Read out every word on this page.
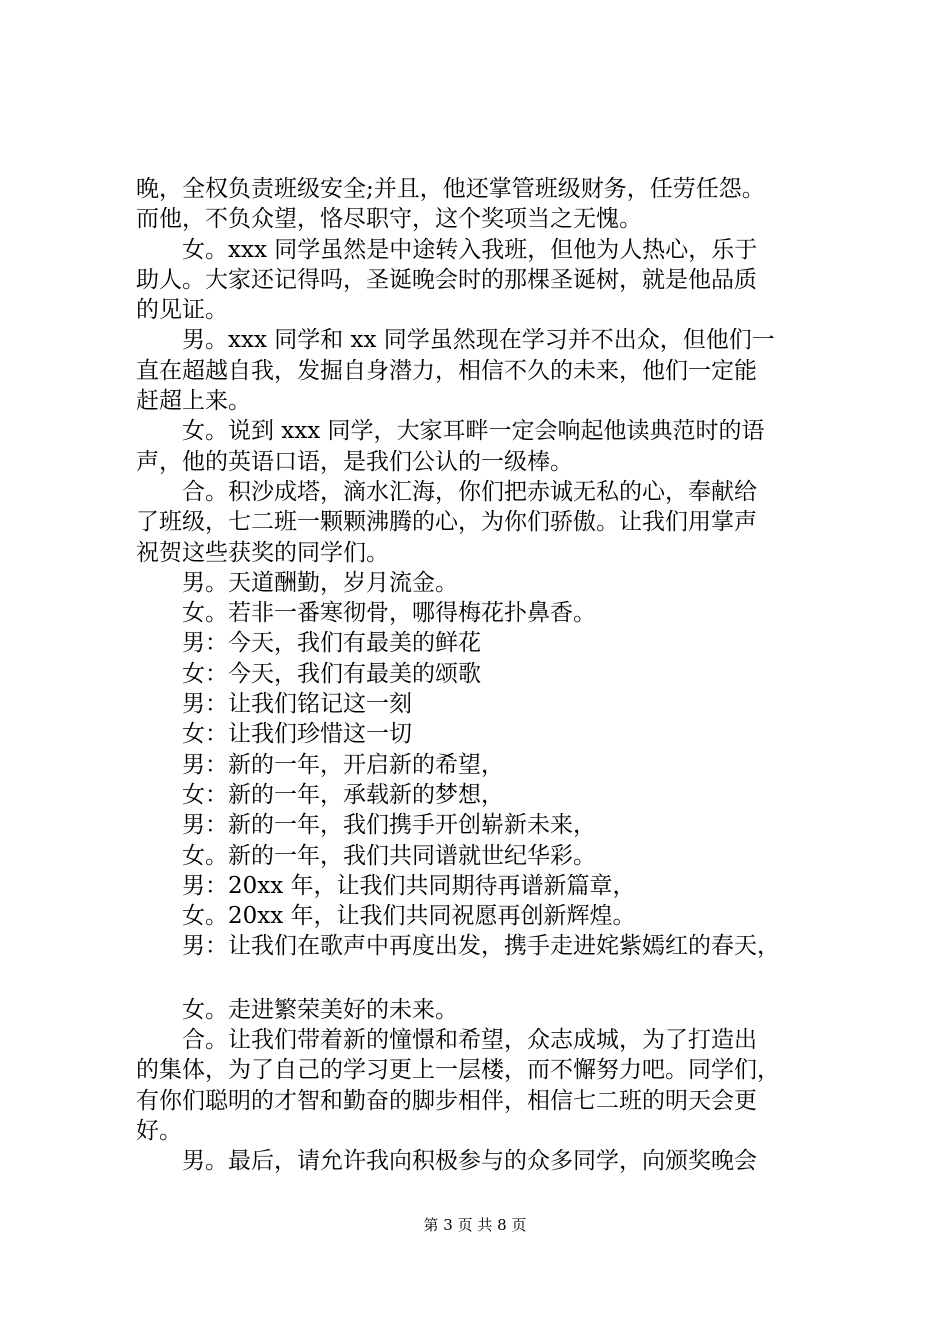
晚，全权负责班级安全;并且，他还掌管班级财务，任劳任怨。
而他，不负众望，恪尽职守，这个奖项当之无愧。
女。xxx 同学虽然是中途转入我班，但他为人热心，乐于
助人。大家还记得吗，圣诞晚会时的那棵圣诞树，就是他品质
的见证。
男。xxx 同学和 xx 同学虽然现在学习并不出众，但他们一
直在超越自我，发掘自身潜力，相信不久的未来，他们一定能
赶超上来。
女。说到 xxx 同学，大家耳畔一定会响起他读典范时的语
声，他的英语口语，是我们公认的一级棒。
合。积沙成塔，滴水汇海，你们把赤诚无私的心，奉献给
了班级，七二班一颗颗沸腾的心，为你们骄傲。让我们用掌声
祝贺这些获奖的同学们。
男。天道酬勤，岁月流金。
女。若非一番寒彻骨，哪得梅花扑鼻香。
男：今天，我们有最美的鲜花
女：今天，我们有最美的颂歌
男：让我们铭记这一刻
女：让我们珍惜这一切
男：新的一年，开启新的希望，
女：新的一年，承载新的梦想，
男：新的一年，我们携手开创崭新未来，
女。新的一年，我们共同谱就世纪华彩。
男：20xx 年，让我们共同期待再谱新篇章，
女。20xx 年，让我们共同祝愿再创新辉煌。
男：让我们在歌声中再度出发，携手走进姹紫嫣红的春天，
女。走进繁荣美好的未来。
合。让我们带着新的憧憬和希望，众志成城，为了打造出
的集体，为了自己的学习更上一层楼，而不懈努力吧。同学们，
有你们聪明的才智和勤奋的脚步相伴，相信七二班的明天会更
好。
男。最后，请允许我向积极参与的众多同学，向颁奖晚会
第 3 页 共 8 页
